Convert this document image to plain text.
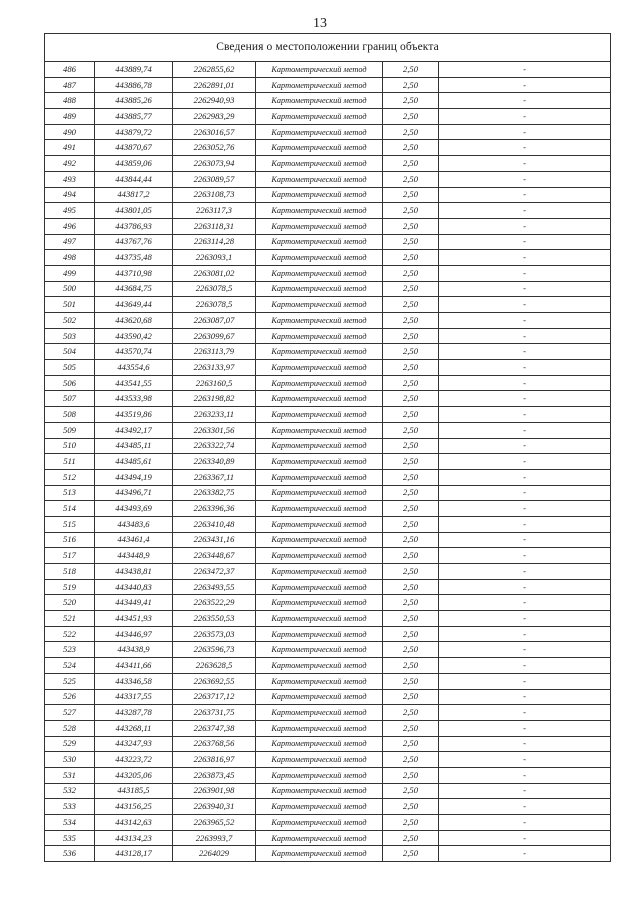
13
Сведения о местоположении границ объекта					
486	443889,74	2262855,62	Картометрический метод	2,50	-
487	443886,78	2262891,01	Картометрический метод	2,50	-
488	443885,26	2262940,93	Картометрический метод	2,50	-
489	443885,77	2262983,29	Картометрический метод	2,50	-
490	443879,72	2263016,57	Картометрический метод	2,50	-
491	443870,67	2263052,76	Картометрический метод	2,50	-
492	443859,06	2263073,94	Картометрический метод	2,50	-
493	443844,44	2263089,57	Картометрический метод	2,50	-
494	443817,2	2263108,73	Картометрический метод	2,50	-
495	443801,05	2263117,3	Картометрический метод	2,50	-
496	443786,93	2263118,31	Картометрический метод	2,50	-
497	443767,76	2263114,28	Картометрический метод	2,50	-
498	443735,48	2263093,1	Картометрический метод	2,50	-
499	443710,98	2263081,02	Картометрический метод	2,50	-
500	443684,75	2263078,5	Картометрический метод	2,50	-
501	443649,44	2263078,5	Картометрический метод	2,50	-
502	443620,68	2263087,07	Картометрический метод	2,50	-
503	443590,42	2263099,67	Картометрический метод	2,50	-
504	443570,74	2263113,79	Картометрический метод	2,50	-
505	443554,6	2263133,97	Картометрический метод	2,50	-
506	443541,55	2263160,5	Картометрический метод	2,50	-
507	443533,98	2263198,82	Картометрический метод	2,50	-
508	443519,86	2263233,11	Картометрический метод	2,50	-
509	443492,17	2263301,56	Картометрический метод	2,50	-
510	443485,11	2263322,74	Картометрический метод	2,50	-
511	443485,61	2263340,89	Картометрический метод	2,50	-
512	443494,19	2263367,11	Картометрический метод	2,50	-
513	443496,71	2263382,75	Картометрический метод	2,50	-
514	443493,69	2263396,36	Картометрический метод	2,50	-
515	443483,6	2263410,48	Картометрический метод	2,50	-
516	443461,4	2263431,16	Картометрический метод	2,50	-
517	443448,9	2263448,67	Картометрический метод	2,50	-
518	443438,81	2263472,37	Картометрический метод	2,50	-
519	443440,83	2263493,55	Картометрический метод	2,50	-
520	443449,41	2263522,29	Картометрический метод	2,50	-
521	443451,93	2263550,53	Картометрический метод	2,50	-
522	443446,97	2263573,03	Картометрический метод	2,50	-
523	443438,9	2263596,73	Картометрический метод	2,50	-
524	443411,66	2263628,5	Картометрический метод	2,50	-
525	443346,58	2263692,55	Картометрический метод	2,50	-
526	443317,55	2263717,12	Картометрический метод	2,50	-
527	443287,78	2263731,75	Картометрический метод	2,50	-
528	443268,11	2263747,38	Картометрический метод	2,50	-
529	443247,93	2263768,56	Картометрический метод	2,50	-
530	443223,72	2263816,97	Картометрический метод	2,50	-
531	443205,06	2263873,45	Картометрический метод	2,50	-
532	443185,5	2263901,98	Картометрический метод	2,50	-
533	443156,25	2263940,31	Картометрический метод	2,50	-
534	443142,63	2263965,52	Картометрический метод	2,50	-
535	443134,23	2263993,7	Картометрический метод	2,50	-
536	443128,17	2264029	Картометрический метод	2,50	-
